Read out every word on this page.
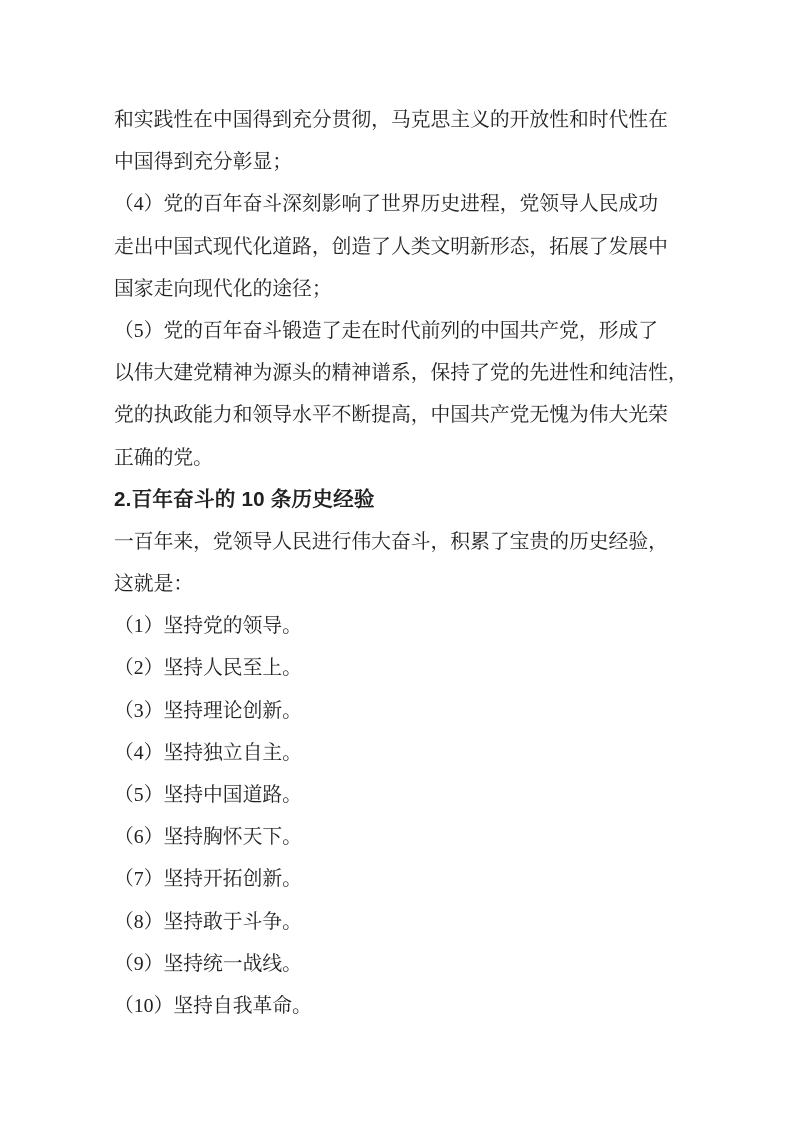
和实践性在中国得到充分贯彻，马克思主义的开放性和时代性在
中国得到充分彰显；
（4）党的百年奋斗深刻影响了世界历史进程，党领导人民成功
走出中国式现代化道路，创造了人类文明新形态，拓展了发展中
国家走向现代化的途径；
（5）党的百年奋斗锻造了走在时代前列的中国共产党，形成了
以伟大建党精神为源头的精神谱系，保持了党的先进性和纯洁性，
党的执政能力和领导水平不断提高，中国共产党无愧为伟大光荣
正确的党。
2.百年奋斗的 10 条历史经验
一百年来，党领导人民进行伟大奋斗，积累了宝贵的历史经验，
这就是：
（1）坚持党的领导。
（2）坚持人民至上。
（3）坚持理论创新。
（4）坚持独立自主。
（5）坚持中国道路。
（6）坚持胸怀天下。
（7）坚持开拓创新。
（8）坚持敢于斗争。
（9）坚持统一战线。
（10）坚持自我革命。
